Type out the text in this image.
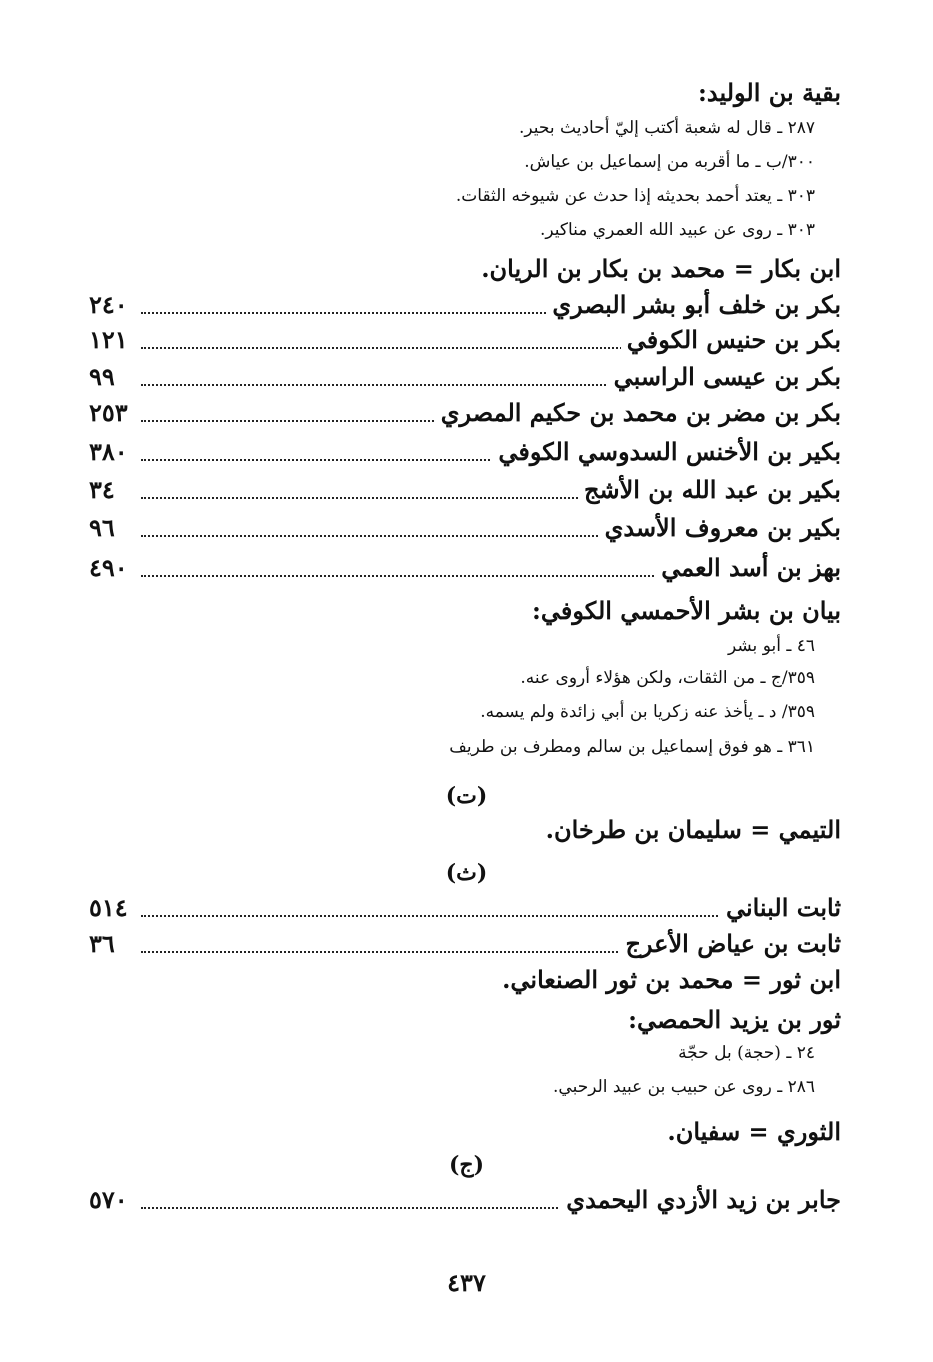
بقية بن الوليد:
٢٨٧ ـ قال له شعبة أكتب إليّ أحاديث بحير.
٣٠٠/ب ـ ما أقربه من إسماعيل بن عياش.
٣٠٣ ـ يعتد أحمد بحديثه إذا حدث عن شيوخه الثقات.
٣٠٣ ـ روى عن عبيد الله العمري مناكير.
ابن بكار = محمد بن بكار بن الريان.
بكر بن خلف أبو بشر البصري
٢٤٠
بكر بن حنيس الكوفي
١٢١
بكر بن عيسى الراسبي
٩٩
بكر بن مضر بن محمد بن حكيم المصري
٢٥٣
بكير بن الأخنس السدوسي الكوفي
٣٨٠
بكير بن عبد الله بن الأشج
٣٤
بكير بن معروف الأسدي
٩٦
بهز بن أسد العمي
٤٩٠
بيان بن بشر الأحمسي الكوفي:
٤٦ ـ أبو بشر
٣٥٩/ج ـ من الثقات، ولكن هؤلاء أروى عنه.
٣٥٩/ د ـ يأخذ عنه زكريا بن أبي زائدة ولم يسمه.
٣٦١ ـ هو فوق إسماعيل بن سالم ومطرف بن طريف
(ت)
التيمي = سليمان بن طرخان.
(ث)
ثابت البناني
٥١٤
ثابت بن عياض الأعرج
٣٦
ابن ثور = محمد بن ثور الصنعاني.
ثور بن يزيد الحمصي:
٢٤ ـ (حجة) بل حجّة
٢٨٦ ـ روى عن حبيب بن عبيد الرحبي.
الثوري = سفيان.
(ج)
جابر بن زيد الأزدي اليحمدي
٥٧٠
٤٣٧
